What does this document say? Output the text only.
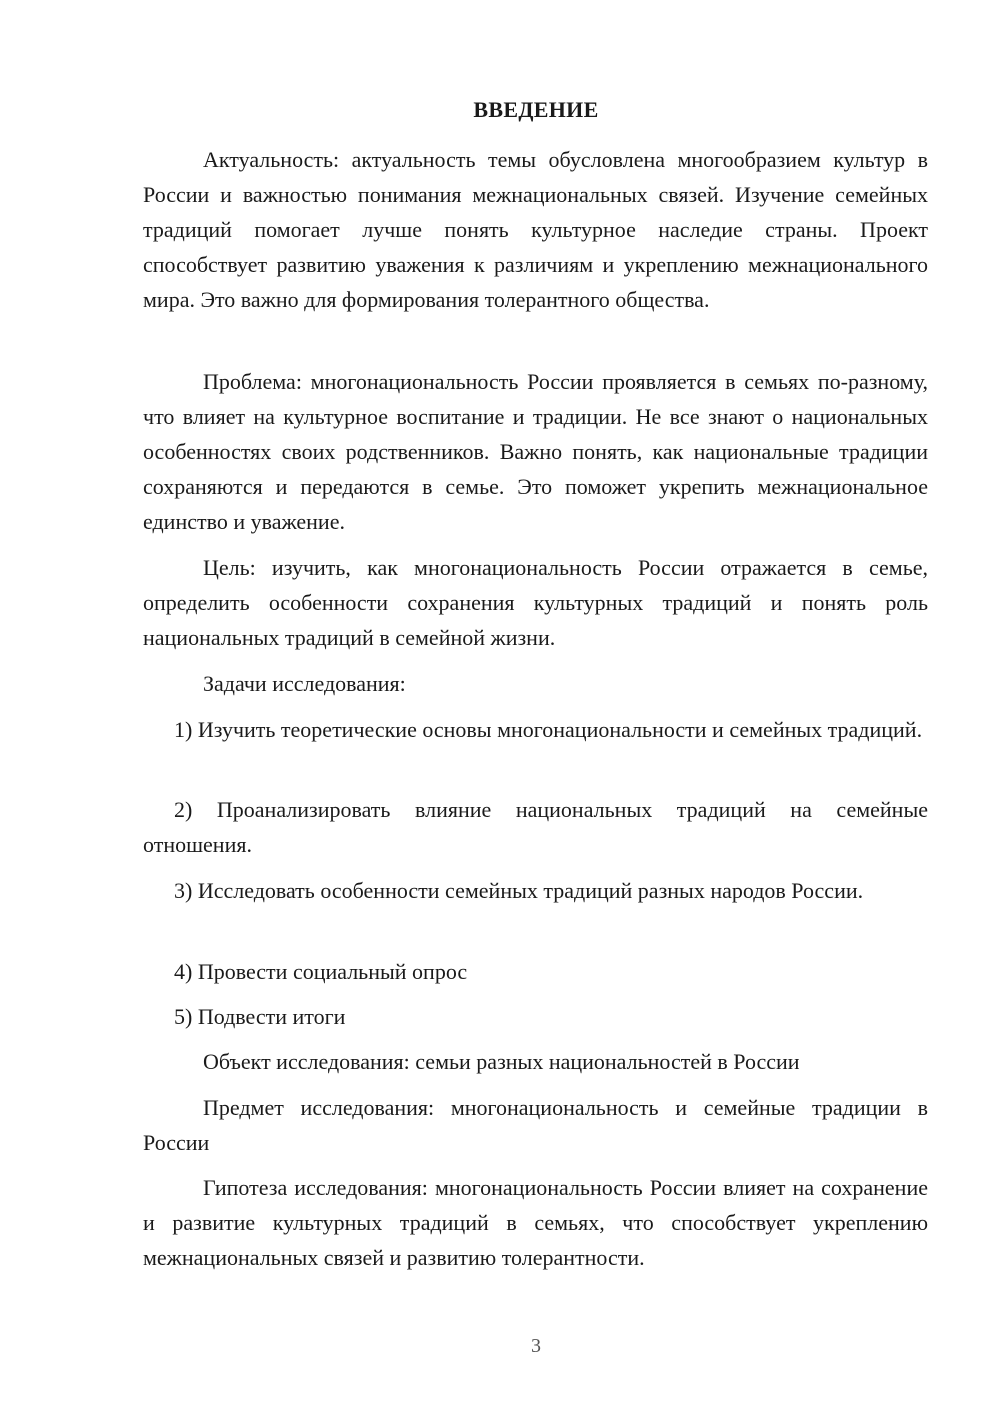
ВВЕДЕНИЕ
Актуальность: актуальность темы обусловлена многообразием культур в России и важностью понимания межнациональных связей. Изучение семейных традиций помогает лучше понять культурное наследие страны. Проект способствует развитию уважения к различиям и укреплению межнационального мира. Это важно для формирования толерантного общества.
Проблема: многонациональность России проявляется в семьях по-разному, что влияет на культурное воспитание и традиции. Не все знают о национальных особенностях своих родственников. Важно понять, как национальные традиции сохраняются и передаются в семье. Это поможет укрепить межнациональное единство и уважение.
Цель: изучить, как многонациональность России отражается в семье, определить особенности сохранения культурных традиций и понять роль национальных традиций в семейной жизни.
Задачи исследования:
1) Изучить теоретические основы многонациональности и семейных традиций.
2) Проанализировать влияние национальных традиций на семейные отношения.
3) Исследовать особенности семейных традиций разных народов России.
4) Провести социальный опрос
5) Подвести итоги
Объект исследования: семьи разных национальностей в России
Предмет исследования: многонациональность и семейные традиции в России
Гипотеза исследования: многонациональность России влияет на сохранение и развитие культурных традиций в семьях, что способствует укреплению межнациональных связей и развитию толерантности.
3
